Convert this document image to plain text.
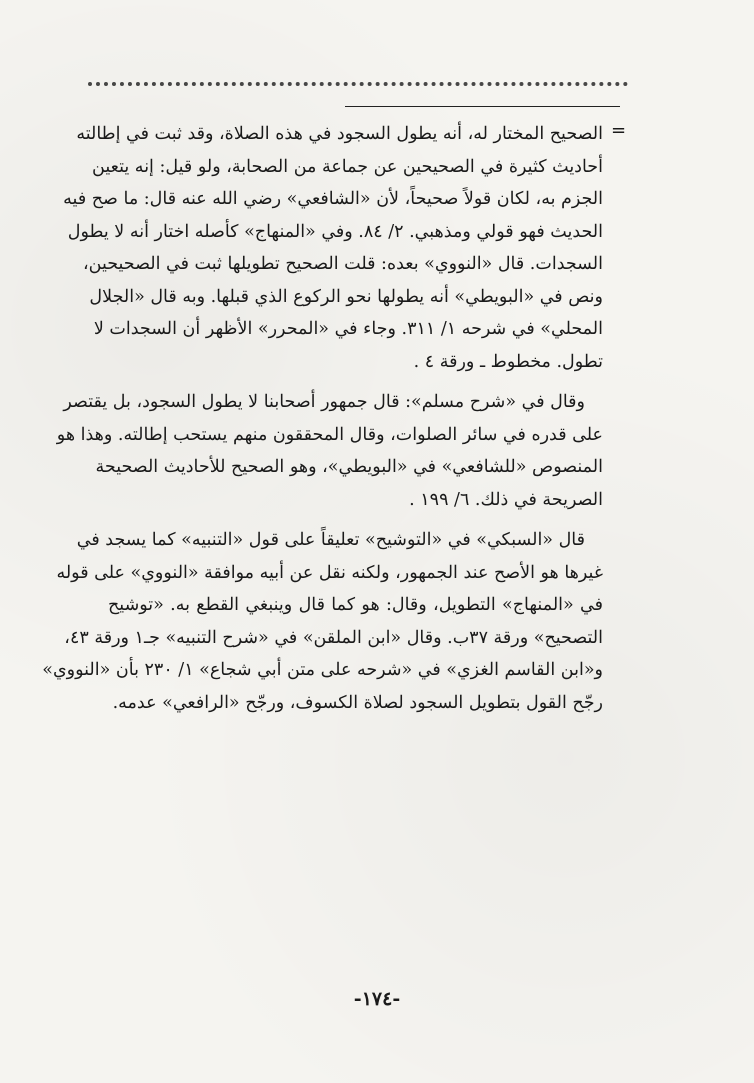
=
الصحيح المختار له، أنه يطول السجود في هذه الصلاة، وقد ثبت في إطالته
أحاديث كثيرة في الصحيحين عن جماعة من الصحابة، ولو قيل: إنه يتعين
الجزم به، لكان قولاً صحيحاً، لأن «الشافعي» رضي الله عنه قال: ما صح فيه
الحديث فهو قولي ومذهبي. ٢/ ٨٤. وفي «المنهاج» كأصله اختار أنه لا يطول
السجدات. قال «النووي» بعده: قلت الصحيح تطويلها ثبت في الصحيحين،
ونص في «البويطي» أنه يطولها نحو الركوع الذي قبلها. وبه قال «الجلال
المحلي» في شرحه ١/ ٣١١. وجاء في «المحرر» الأظهر أن السجدات لا
تطول. مخطوط ـ ورقة ٤ .
وقال في «شرح مسلم»: قال جمهور أصحابنا لا يطول السجود، بل يقتصر
على قدره في سائر الصلوات، وقال المحققون منهم يستحب إطالته. وهذا هو
المنصوص «للشافعي» في «البويطي»، وهو الصحيح للأحاديث الصحيحة
الصريحة في ذلك. ٦/ ١٩٩ .
قال «السبكي» في «التوشيح» تعليقاً على قول «التنبيه» كما يسجد في
غيرها هو الأصح عند الجمهور، ولكنه نقل عن أبيه موافقة «النووي» على قوله
في «المنهاج» التطويل، وقال: هو كما قال وينبغي القطع به. «توشيح
التصحيح» ورقة ٣٧ب. وقال «ابن الملقن» في «شرح التنبيه» جـ١ ورقة ٤٣،
و«ابن القاسم الغزي» في «شرحه على متن أبي شجاع» ١/ ٢٣٠ بأن «النووي»
رجّح القول بتطويل السجود لصلاة الكسوف، ورجّح «الرافعي» عدمه.
-١٧٤-
